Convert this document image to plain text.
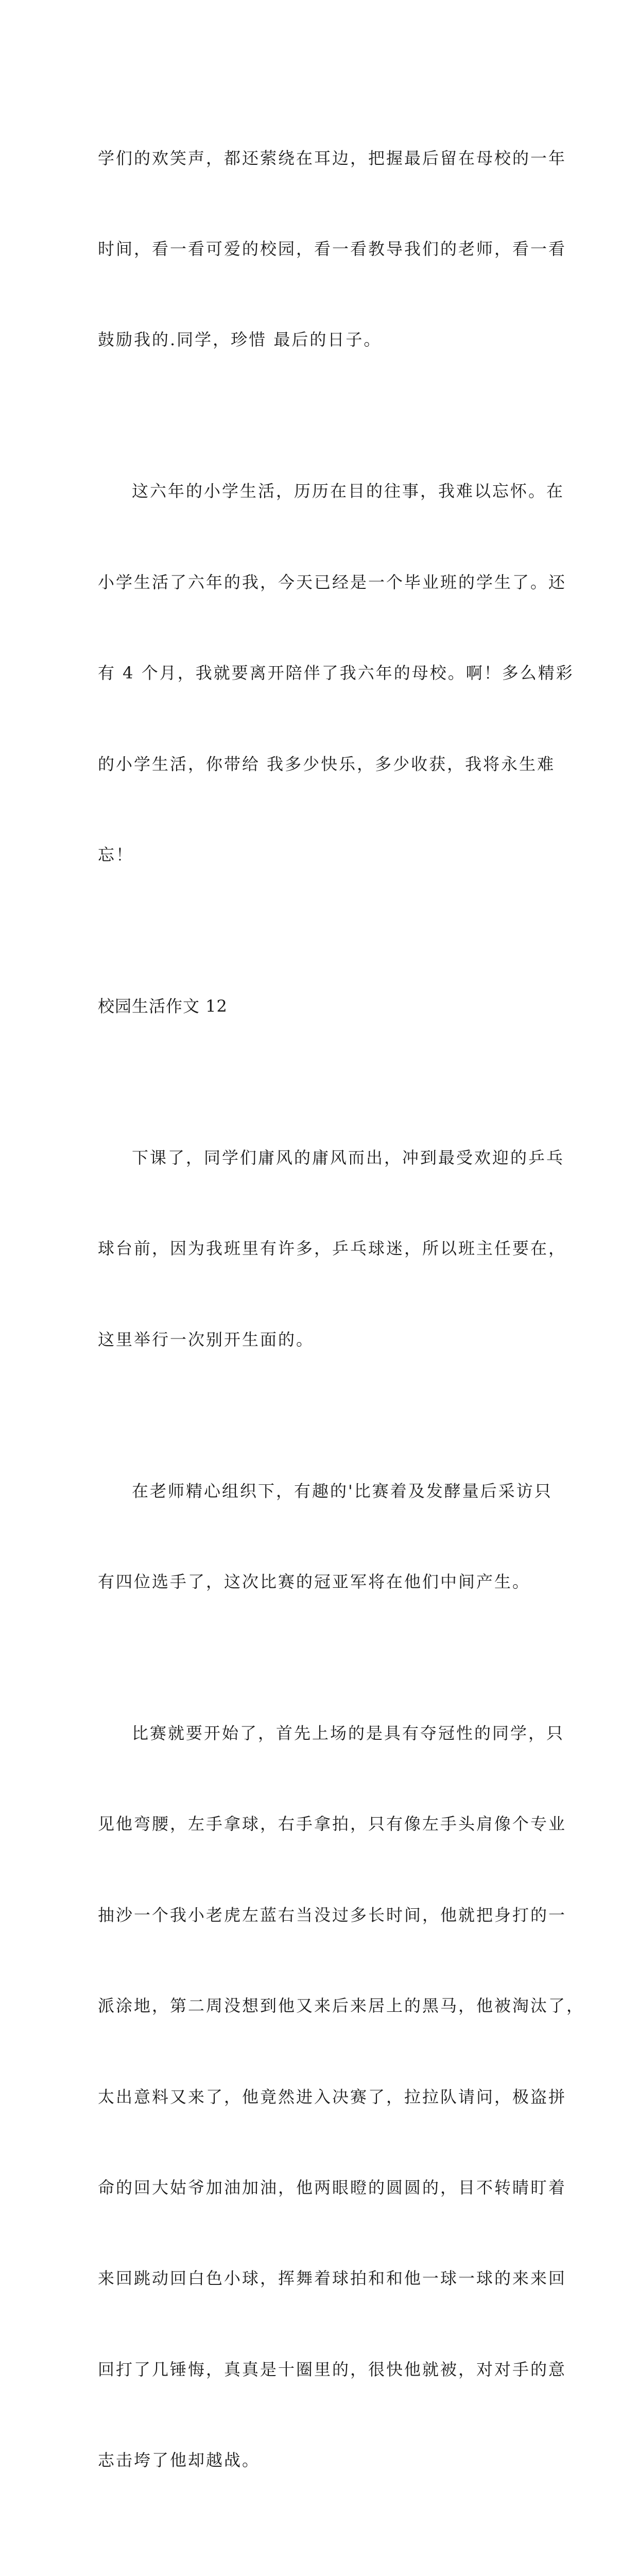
学们的欢笑声，都还萦绕在耳边，把握最后留在母校的一年

时间，看一看可爱的校园，看一看教导我们的老师，看一看

鼓励我的.同学，珍惜 最后的日子。

这六年的小学生活，历历在目的往事，我难以忘怀。在

小学生活了六年的我，今天已经是一个毕业班的学生了。还

有 4 个月，我就要离开陪伴了我六年的母校。啊！多么精彩

的小学生活，你带给 我多少快乐，多少收获，我将永生难

忘！

校园生活作文 12

下课了，同学们庸风的庸风而出，冲到最受欢迎的乒乓

球台前，因为我班里有许多，乒乓球迷，所以班主任要在，

这里举行一次别开生面的。

在老师精心组织下，有趣的'比赛着及发酵量后采访只

有四位选手了，这次比赛的冠亚军将在他们中间产生。

比赛就要开始了，首先上场的是具有夺冠性的同学，只

见他弯腰，左手拿球，右手拿拍，只有像左手头肩像个专业

抽沙一个我小老虎左蓝右当没过多长时间，他就把身打的一

派涂地，第二周没想到他又来后来居上的黑马，他被淘汰了，

太出意料又来了，他竟然进入决赛了，拉拉队请问，极盗拼

命的回大姑爷加油加油，他两眼瞪的圆圆的，目不转睛盯着

来回跳动回白色小球，挥舞着球拍和和他一球一球的来来回

回打了几锤悔，真真是十圈里的，很快他就被，对对手的意

志击垮了他却越战。
